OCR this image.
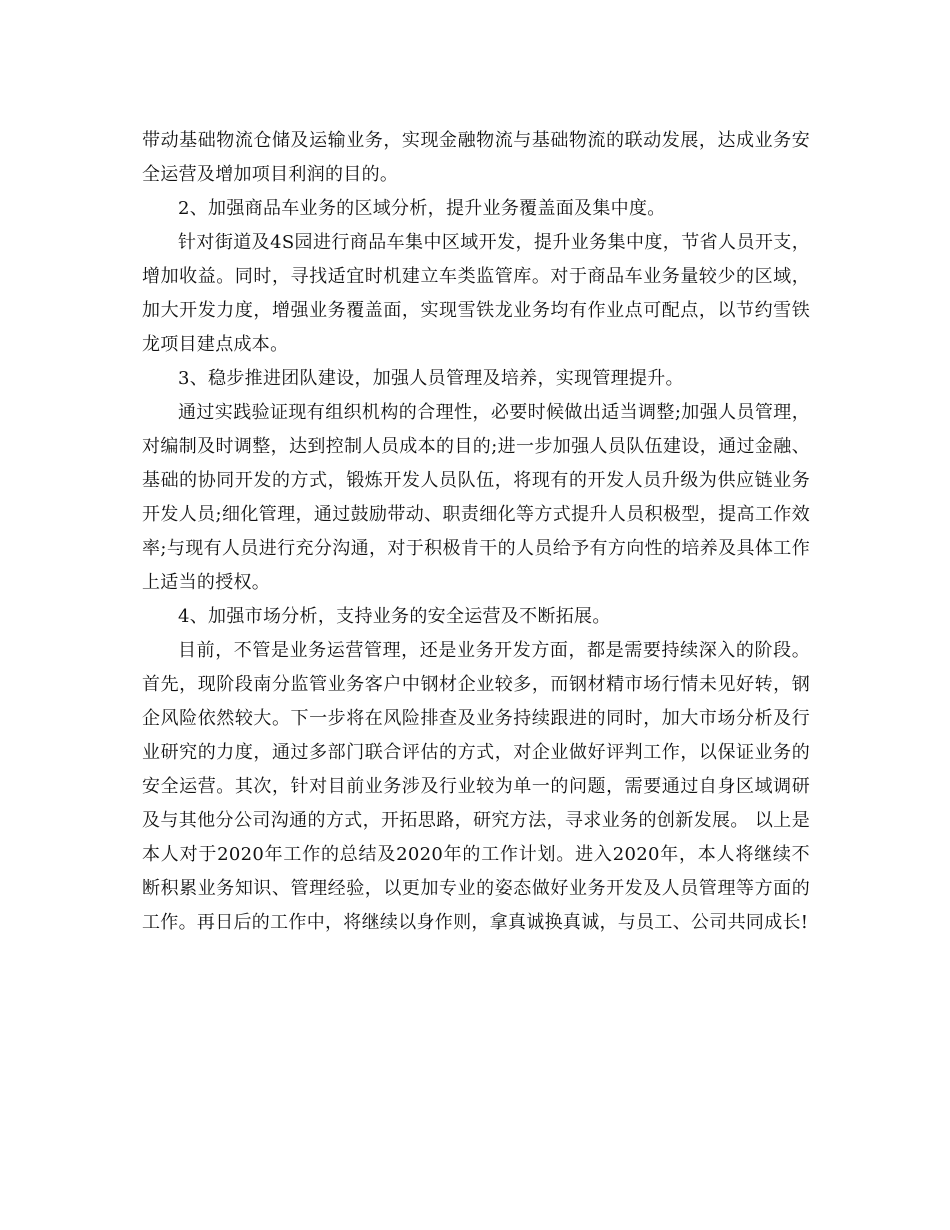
带动基础物流仓储及运输业务，实现金融物流与基础物流的联动发展，达成业务安全运营及增加项目利润的目的。

2、加强商品车业务的区域分析，提升业务覆盖面及集中度。

针对街道及4S园进行商品车集中区域开发，提升业务集中度，节省人员开支，增加收益。同时，寻找适宜时机建立车类监管库。对于商品车业务量较少的区域，加大开发力度，增强业务覆盖面，实现雪铁龙业务均有作业点可配点，以节约雪铁龙项目建点成本。

3、稳步推进团队建设，加强人员管理及培养，实现管理提升。

通过实践验证现有组织机构的合理性，必要时候做出适当调整;加强人员管理，对编制及时调整，达到控制人员成本的目的;进一步加强人员队伍建设，通过金融、基础的协同开发的方式，锻炼开发人员队伍，将现有的开发人员升级为供应链业务开发人员;细化管理，通过鼓励带动、职责细化等方式提升人员积极型，提高工作效率;与现有人员进行充分沟通，对于积极肯干的人员给予有方向性的培养及具体工作上适当的授权。

4、加强市场分析，支持业务的安全运营及不断拓展。

目前，不管是业务运营管理，还是业务开发方面，都是需要持续深入的阶段。首先，现阶段南分监管业务客户中钢材企业较多，而钢材精市场行情未见好转，钢企风险依然较大。下一步将在风险排查及业务持续跟进的同时，加大市场分析及行业研究的力度，通过多部门联合评估的方式，对企业做好评判工作，以保证业务的安全运营。其次，针对目前业务涉及行业较为单一的问题，需要通过自身区域调研及与其他分公司沟通的方式，开拓思路，研究方法，寻求业务的创新发展。 以上是本人对于2020年工作的总结及2020年的工作计划。进入2020年，本人将继续不断积累业务知识、管理经验，以更加专业的姿态做好业务开发及人员管理等方面的工作。再日后的工作中，将继续以身作则，拿真诚换真诚，与员工、公司共同成长!
